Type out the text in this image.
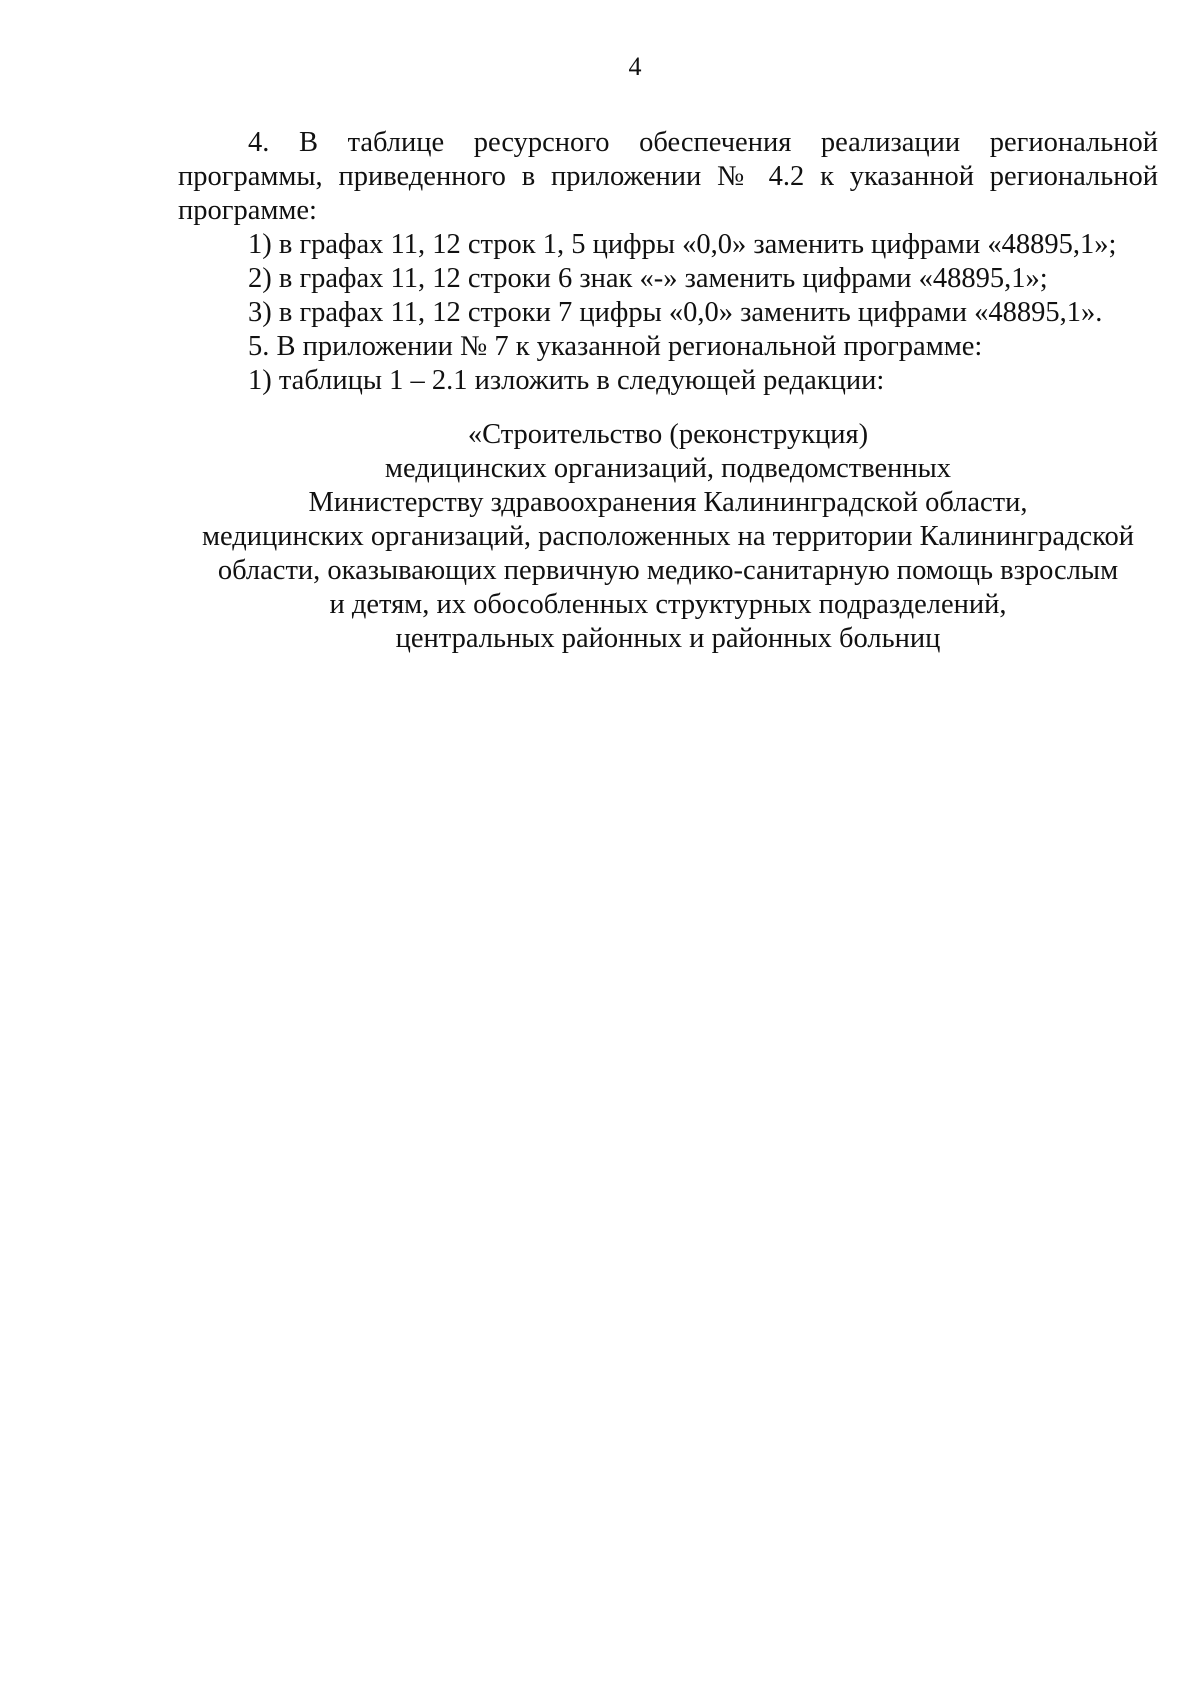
4

4. В таблице ресурсного обеспечения реализации региональной программы, приведенного в приложении № 4.2 к указанной региональной программе:

1) в графах 11, 12 строк 1, 5 цифры «0,0» заменить цифрами «48895,1»;

2) в графах 11, 12 строки 6 знак «-» заменить цифрами «48895,1»;

3) в графах 11, 12 строки 7 цифры «0,0» заменить цифрами «48895,1».

5. В приложении № 7 к указанной региональной программе:

1) таблицы 1 – 2.1 изложить в следующей редакции:

«Строительство (реконструкция)
медицинских организаций, подведомственных
Министерству здравоохранения Калининградской области,
медицинских организаций, расположенных на территории Калининградской
области, оказывающих первичную медико-санитарную помощь взрослым
и детям, их обособленных структурных подразделений,
центральных районных и районных больниц
